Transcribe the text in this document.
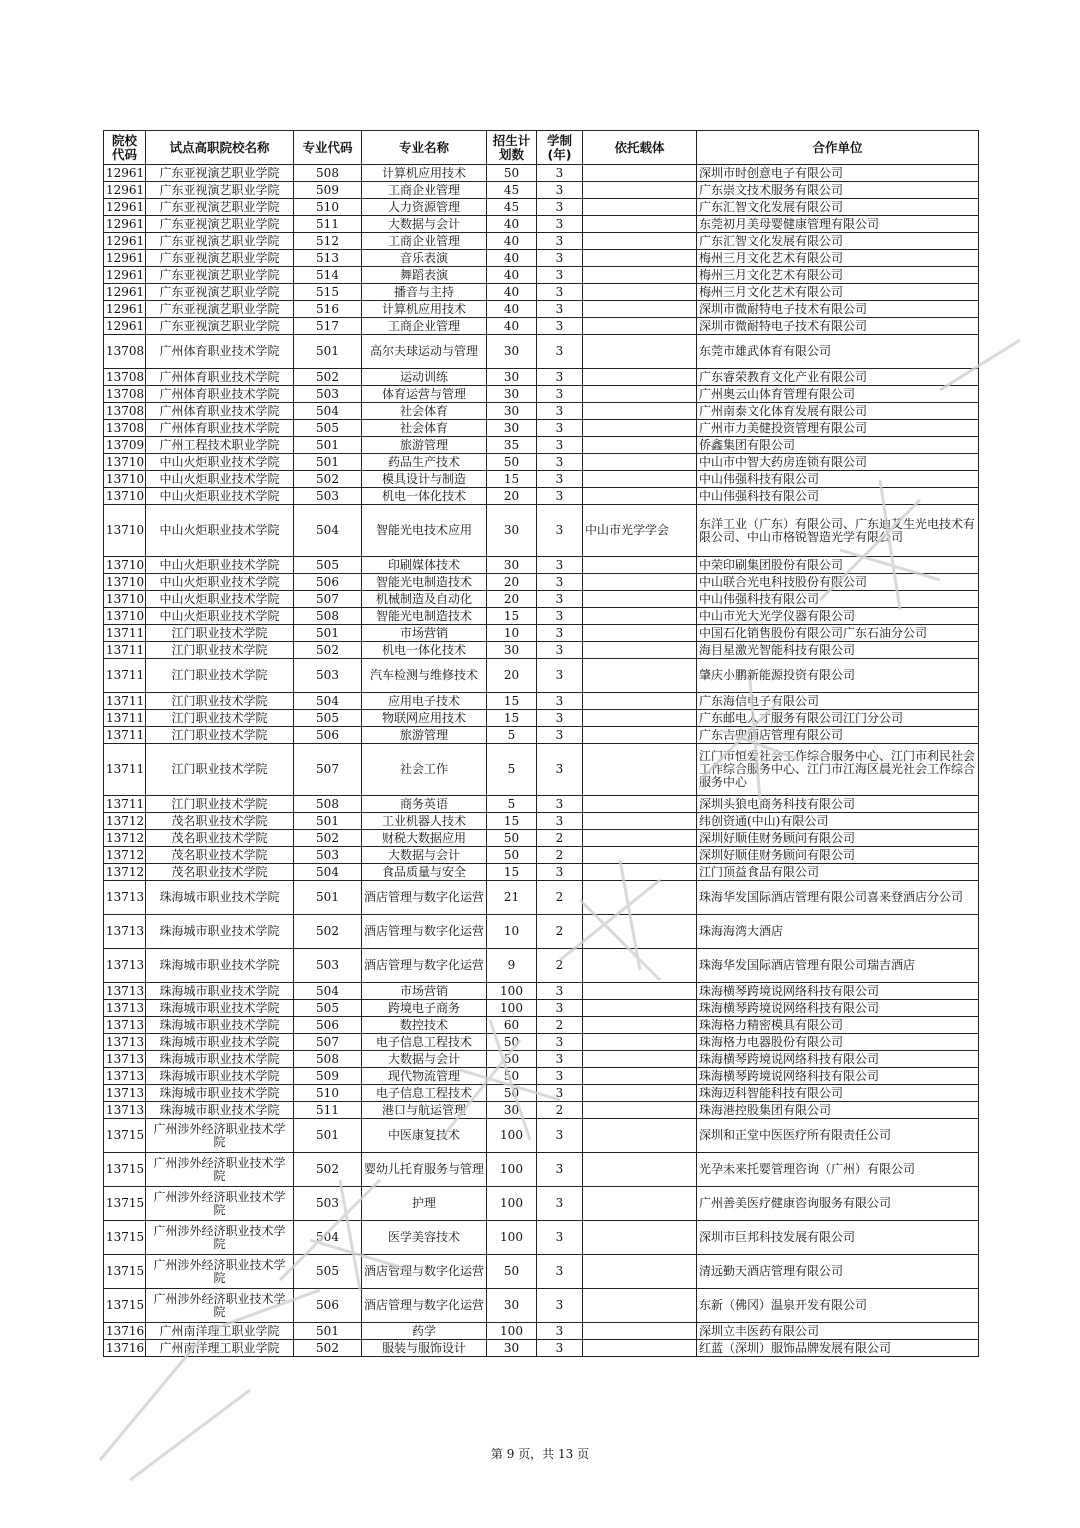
院校代码	试点高职院校名称	专业代码	专业名称	招生计划数	学制(年)	依托载体	合作单位
12961	广东亚视演艺职业学院	508	计算机应用技术	50	3		深圳市时创意电子有限公司
12961	广东亚视演艺职业学院	509	工商企业管理	45	3		广东崇文技术服务有限公司
12961	广东亚视演艺职业学院	510	人力资源管理	45	3		广东汇智文化发展有限公司
12961	广东亚视演艺职业学院	511	大数据与会计	40	3		东莞初月美母婴健康管理有限公司
12961	广东亚视演艺职业学院	512	工商企业管理	40	3		广东汇智文化发展有限公司
12961	广东亚视演艺职业学院	513	音乐表演	40	3		梅州三月文化艺术有限公司
12961	广东亚视演艺职业学院	514	舞蹈表演	40	3		梅州三月文化艺术有限公司
12961	广东亚视演艺职业学院	515	播音与主持	40	3		梅州三月文化艺术有限公司
12961	广东亚视演艺职业学院	516	计算机应用技术	40	3		深圳市微耐特电子技术有限公司
12961	广东亚视演艺职业学院	517	工商企业管理	40	3		深圳市微耐特电子技术有限公司
13708	广州体育职业技术学院	501	高尔夫球运动与管理	30	3		东莞市雄武体育有限公司
13708	广州体育职业技术学院	502	运动训练	30	3		广东睿荣教育文化产业有限公司
13708	广州体育职业技术学院	503	体育运营与管理	30	3		广州奥云山体育管理有限公司
13708	广州体育职业技术学院	504	社会体育	30	3		广州南泰文化体育发展有限公司
13708	广州体育职业技术学院	505	社会体育	30	3		广州市力美健投资管理有限公司
13709	广州工程技术职业学院	501	旅游管理	35	3		侨鑫集团有限公司
13710	中山火炬职业技术学院	501	药品生产技术	50	3		中山市中智大药房连锁有限公司
13710	中山火炬职业技术学院	502	模具设计与制造	15	3		中山伟强科技有限公司
13710	中山火炬职业技术学院	503	机电一体化技术	20	3		中山伟强科技有限公司
13710	中山火炬职业技术学院	504	智能光电技术应用	30	3	中山市光学学会	东洋工业（广东）有限公司、广东迪艾生光电技术有限公司、中山市格锐智造光学有限公司
13710	中山火炬职业技术学院	505	印刷媒体技术	30	3		中荣印刷集团股份有限公司
13710	中山火炬职业技术学院	506	智能光电制造技术	20	3		中山联合光电科技股份有限公司
13710	中山火炬职业技术学院	507	机械制造及自动化	20	3		中山伟强科技有限公司
13710	中山火炬职业技术学院	508	智能光电制造技术	15	3		中山市光大光学仪器有限公司
13711	江门职业技术学院	501	市场营销	10	3		中国石化销售股份有限公司广东石油分公司
13711	江门职业技术学院	502	机电一体化技术	30	3		海目星激光智能科技有限公司
13711	江门职业技术学院	503	汽车检测与维修技术	20	3		肇庆小鹏新能源投资有限公司
13711	江门职业技术学院	504	应用电子技术	15	3		广东海信电子有限公司
13711	江门职业技术学院	505	物联网应用技术	15	3		广东邮电人才服务有限公司江门分公司
13711	江门职业技术学院	506	旅游管理	5	3		广东古兜酒店管理有限公司
13711	江门职业技术学院	507	社会工作	5	3		江门市恒爱社会工作综合服务中心、江门市利民社会工作综合服务中心、江门市江海区晨光社会工作综合服务中心
13711	江门职业技术学院	508	商务英语	5	3		深圳头狼电商务科技有限公司
13712	茂名职业技术学院	501	工业机器人技术	15	3		纬创资通(中山)有限公司
13712	茂名职业技术学院	502	财税大数据应用	50	2		深圳好顺佳财务顾问有限公司
13712	茂名职业技术学院	503	大数据与会计	50	2		深圳好顺佳财务顾问有限公司
13712	茂名职业技术学院	504	食品质量与安全	15	3		江门顶益食品有限公司
13713	珠海城市职业技术学院	501	酒店管理与数字化运营	21	2		珠海华发国际酒店管理有限公司喜来登酒店分公司
13713	珠海城市职业技术学院	502	酒店管理与数字化运营	10	2		珠海海湾大酒店
13713	珠海城市职业技术学院	503	酒店管理与数字化运营	9	2		珠海华发国际酒店管理有限公司瑞吉酒店
13713	珠海城市职业技术学院	504	市场营销	100	3		珠海横琴跨境说网络科技有限公司
13713	珠海城市职业技术学院	505	跨境电子商务	100	3		珠海横琴跨境说网络科技有限公司
13713	珠海城市职业技术学院	506	数控技术	60	2		珠海格力精密模具有限公司
13713	珠海城市职业技术学院	507	电子信息工程技术	50	3		珠海格力电器股份有限公司
13713	珠海城市职业技术学院	508	大数据与会计	50	3		珠海横琴跨境说网络科技有限公司
13713	珠海城市职业技术学院	509	现代物流管理	50	3		珠海横琴跨境说网络科技有限公司
13713	珠海城市职业技术学院	510	电子信息工程技术	50	3		珠海迈科智能科技有限公司
13713	珠海城市职业技术学院	511	港口与航运管理	30	2		珠海港控股集团有限公司
13715	广州涉外经济职业技术学院	501	中医康复技术	100	3		深圳和正堂中医医疗所有限责任公司
13715	广州涉外经济职业技术学院	502	婴幼儿托育服务与管理	100	3		光孕未来托婴管理咨询（广州）有限公司
13715	广州涉外经济职业技术学院	503	护理	100	3		广州善美医疗健康咨询服务有限公司
13715	广州涉外经济职业技术学院	504	医学美容技术	100	3		深圳市巨邦科技发展有限公司
13715	广州涉外经济职业技术学院	505	酒店管理与数字化运营	50	3		清远勤天酒店管理有限公司
13715	广州涉外经济职业技术学院	506	酒店管理与数字化运营	30	3		东新（佛冈）温泉开发有限公司
13716	广州南洋理工职业学院	501	药学	100	3		深圳立丰医药有限公司
13716	广州南洋理工职业学院	502	服装与服饰设计	30	3		红蓝（深圳）服饰品牌发展有限公司
第 9 页，共 13 页
